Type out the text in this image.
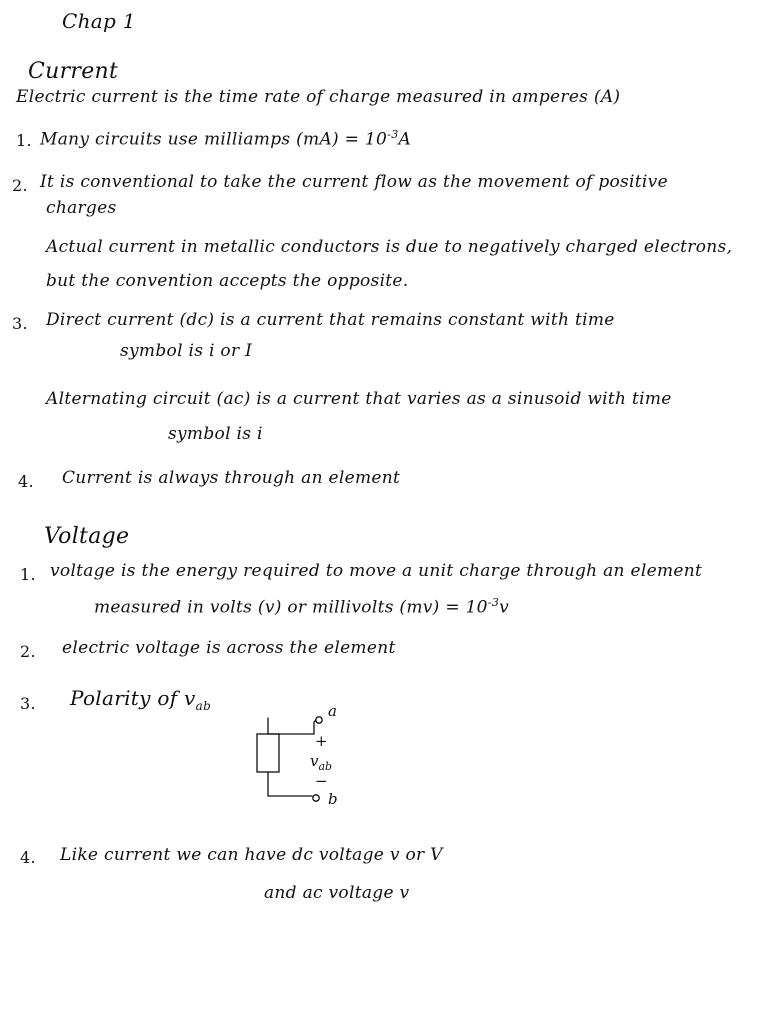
Chap 1
Current
Electric current is the time rate of charge measured in amperes (A)
1. Many circuits use milliamps $(mA) = 10^{-3}A$
2. It is conventional to take the current flow as the movement of positive
charges
Actual current in metallic conductors is due to negatively charged electrons,
but the convention accepts the opposite.
3. Direct current (dc) is a current that remains constant with time
symbol is i or I
Alternating circuit (ac) is a current that varies as a sinusoid with time
symbol is i
4. Current is always through an element
Voltage
1. voltage is the energy required to move a unit charge through an element
measured in volts (v) or millivolts $(mv) = 10^{-3}v$
2. electric voltage is across the element
3. Polarity of $v_{ab}$	a
+
$v_{ab}$
−
b
4. Like current we can have dc voltage v or V
and ac voltage v
